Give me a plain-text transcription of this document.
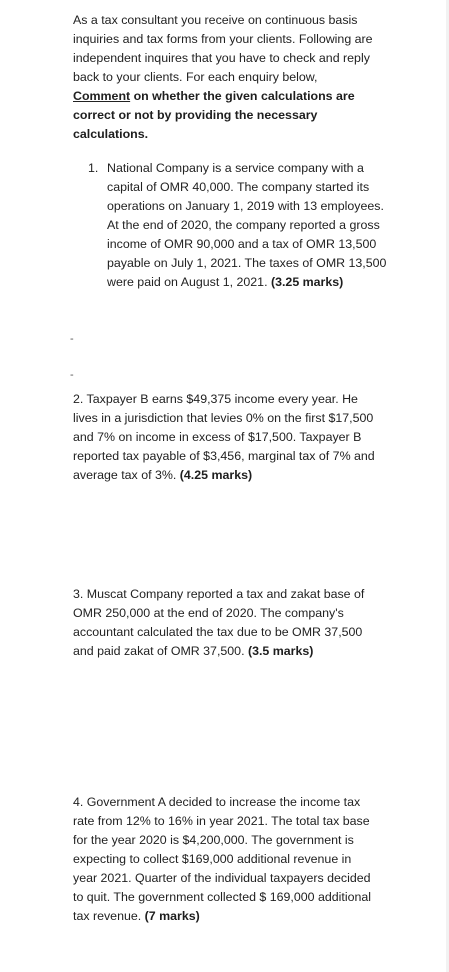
As a tax consultant you receive on continuous basis inquiries and tax forms from your clients. Following are independent inquires that you have to check and reply back to your clients. For each enquiry below, Comment on whether the given calculations are correct or not by providing the necessary calculations.
1. National Company is a service company with a capital of OMR 40,000. The company started its operations on January 1, 2019 with 13 employees. At the end of 2020, the company reported a gross income of OMR 90,000 and a tax of OMR 13,500 payable on July 1, 2021. The taxes of OMR 13,500 were paid on August 1, 2021. (3.25 marks)
-
-
2. Taxpayer B earns $49,375 income every year. He lives in a jurisdiction that levies 0% on the first $17,500 and 7% on income in excess of $17,500. Taxpayer B reported tax payable of $3,456, marginal tax of 7% and average tax of 3%. (4.25 marks)
3. Muscat Company reported a tax and zakat base of OMR 250,000 at the end of 2020. The company's accountant calculated the tax due to be OMR 37,500 and paid zakat of OMR 37,500. (3.5 marks)
4. Government A decided to increase the income tax rate from 12% to 16% in year 2021. The total tax base for the year 2020 is $4,200,000. The government is expecting to collect $169,000 additional revenue in year 2021. Quarter of the individual taxpayers decided to quit. The government collected $ 169,000 additional tax revenue. (7 marks)
